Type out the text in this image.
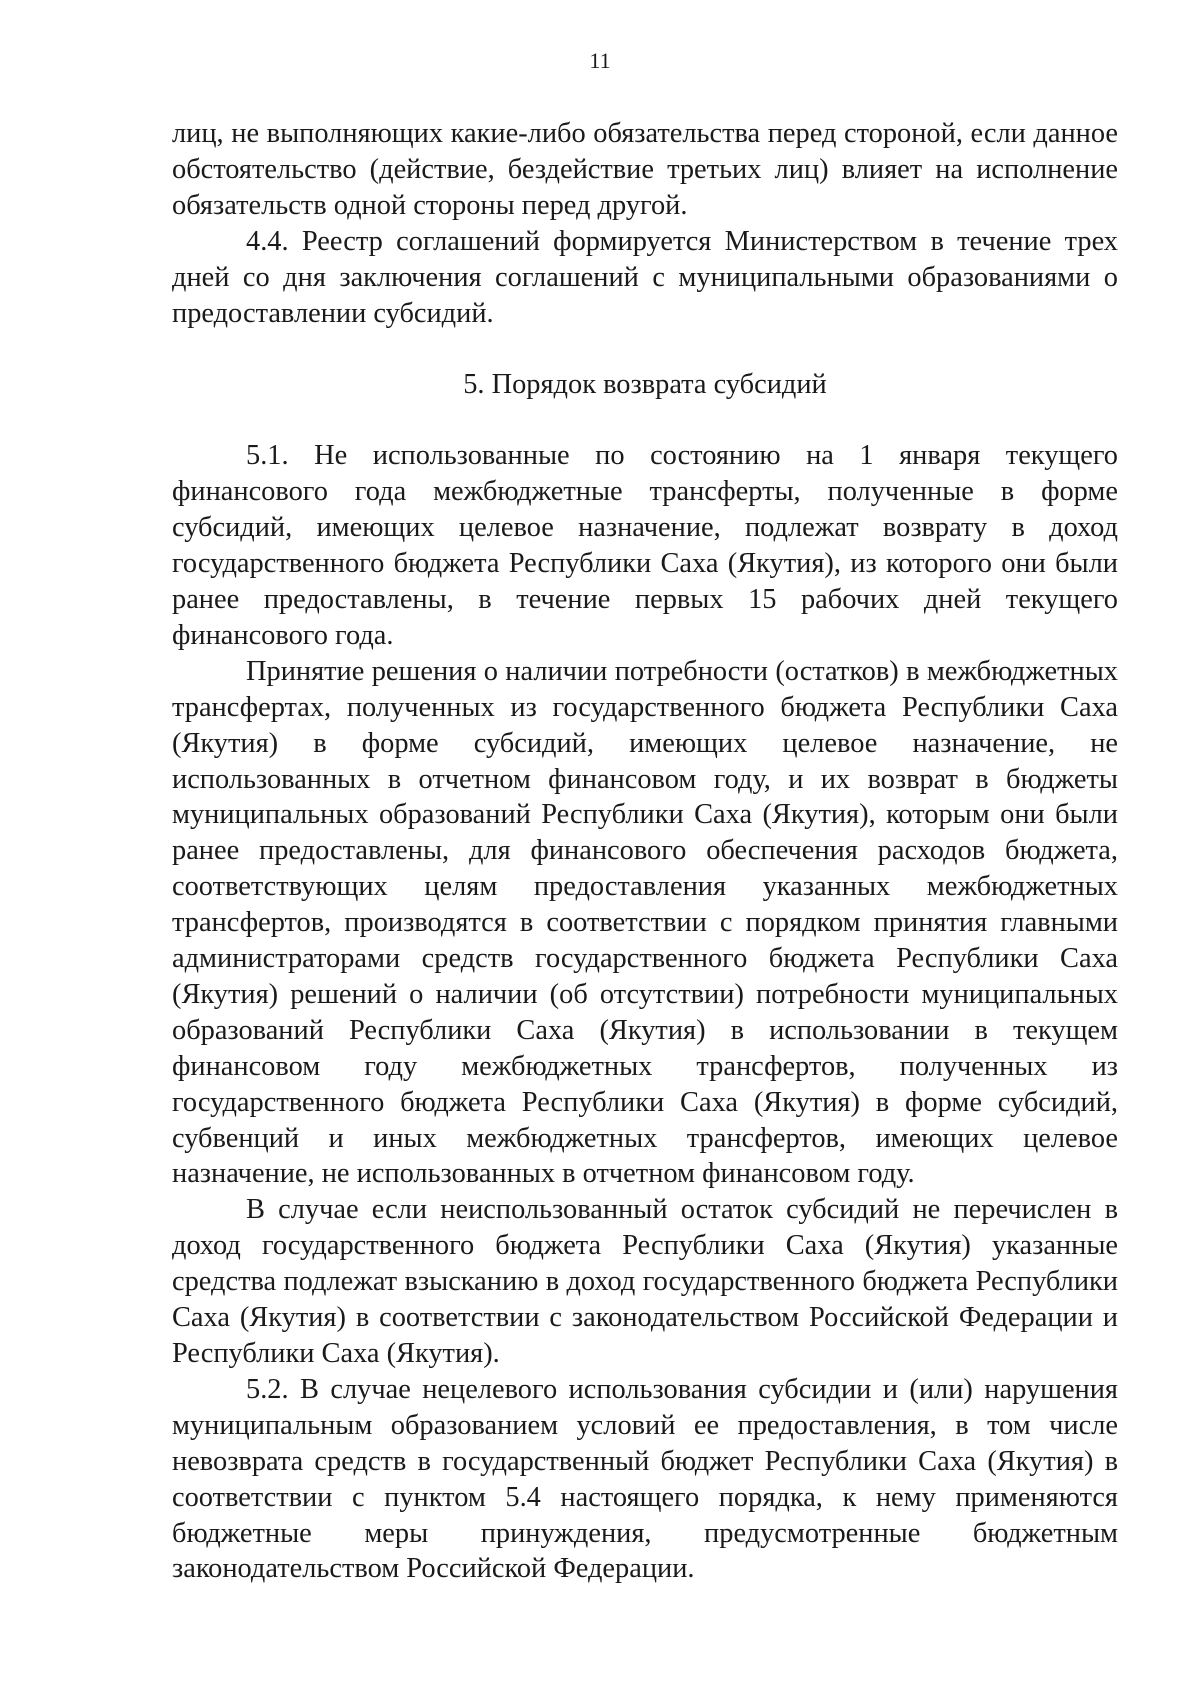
11

лиц, не выполняющих какие-либо обязательства перед стороной, если данное обстоятельство (действие, бездействие третьих лиц) влияет на исполнение обязательств одной стороны перед другой.

4.4. Реестр соглашений формируется Министерством в течение трех дней со дня заключения соглашений с муниципальными образованиями о предоставлении субсидий.

5. Порядок возврата субсидий

5.1. Не использованные по состоянию на 1 января текущего финансового года межбюджетные трансферты, полученные в форме субсидий, имеющих целевое назначение, подлежат возврату в доход государственного бюджета Республики Саха (Якутия), из которого они были ранее предоставлены, в течение первых 15 рабочих дней текущего финансового года.

Принятие решения о наличии потребности (остатков) в межбюджетных трансфертах, полученных из государственного бюджета Республики Саха (Якутия) в форме субсидий, имеющих целевое назначение, не использованных в отчетном финансовом году, и их возврат в бюджеты муниципальных образований Республики Саха (Якутия), которым они были ранее предоставлены, для финансового обеспечения расходов бюджета, соответствующих целям предоставления указанных межбюджетных трансфертов, производятся в соответствии с порядком принятия главными администраторами средств государственного бюджета Республики Саха (Якутия) решений о наличии (об отсутствии) потребности муниципальных образований Республики Саха (Якутия) в использовании в текущем финансовом году межбюджетных трансфертов, полученных из государственного бюджета Республики Саха (Якутия) в форме субсидий, субвенций и иных межбюджетных трансфертов, имеющих целевое назначение, не использованных в отчетном финансовом году.

В случае если неиспользованный остаток субсидий не перечислен в доход государственного бюджета Республики Саха (Якутия) указанные средства подлежат взысканию в доход государственного бюджета Республики Саха (Якутия) в соответствии с законодательством Российской Федерации и Республики Саха (Якутия).

5.2. В случае нецелевого использования субсидии и (или) нарушения муниципальным образованием условий ее предоставления, в том числе невозврата средств в государственный бюджет Республики Саха (Якутия) в соответствии с пунктом 5.4 настоящего порядка, к нему применяются бюджетные меры принуждения, предусмотренные бюджетным законодательством Российской Федерации.
